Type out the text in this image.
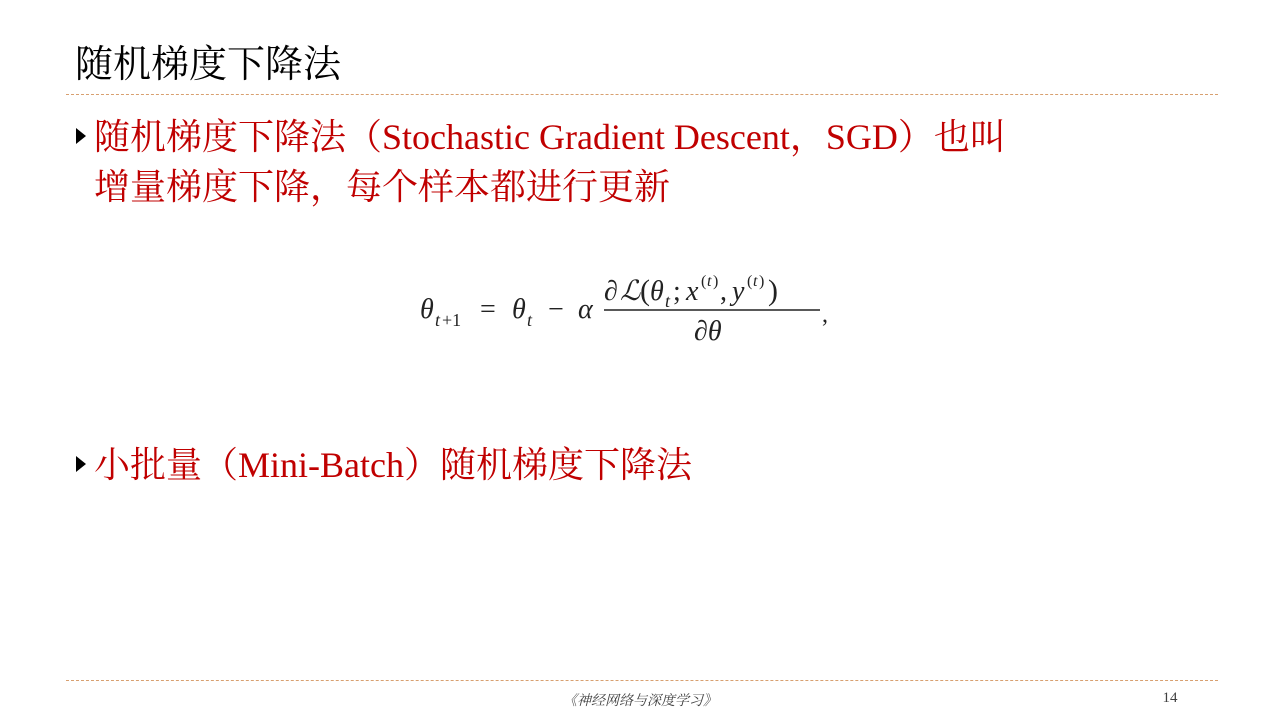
随机梯度下降法
随机梯度下降法（Stochastic Gradient Descent，SGD）也叫
增量梯度下降，每个样本都进行更新
θ t +1 = θ t − α
∂ ℒ ( θ t ; x ( t ) , y ( t ) )
∂θ
,
小批量（Mini-Batch）随机梯度下降法
《神经网络与深度学习》	14
